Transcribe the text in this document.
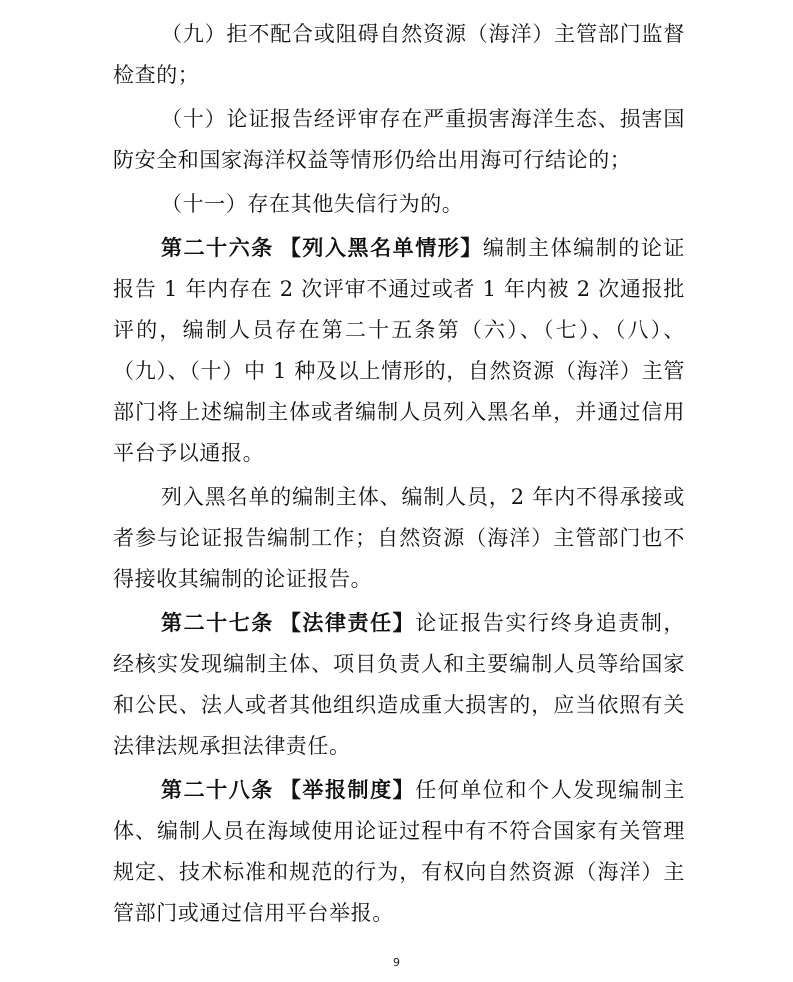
（九）拒不配合或阻碍自然资源（海洋）主管部门监督检查的；

（十）论证报告经评审存在严重损害海洋生态、损害国防安全和国家海洋权益等情形仍给出用海可行结论的；

（十一）存在其他失信行为的。

第二十六条 【列入黑名单情形】编制主体编制的论证报告 1 年内存在 2 次评审不通过或者 1 年内被 2 次通报批评的，编制人员存在第二十五条第（六）、（七）、（八）、（九）、（十）中 1 种及以上情形的，自然资源（海洋）主管部门将上述编制主体或者编制人员列入黑名单，并通过信用平台予以通报。

列入黑名单的编制主体、编制人员，2 年内不得承接或者参与论证报告编制工作；自然资源（海洋）主管部门也不得接收其编制的论证报告。

第二十七条 【法律责任】论证报告实行终身追责制，经核实发现编制主体、项目负责人和主要编制人员等给国家和公民、法人或者其他组织造成重大损害的，应当依照有关法律法规承担法律责任。

第二十八条 【举报制度】任何单位和个人发现编制主体、编制人员在海域使用论证过程中有不符合国家有关管理规定、技术标准和规范的行为，有权向自然资源（海洋）主管部门或通过信用平台举报。

9
